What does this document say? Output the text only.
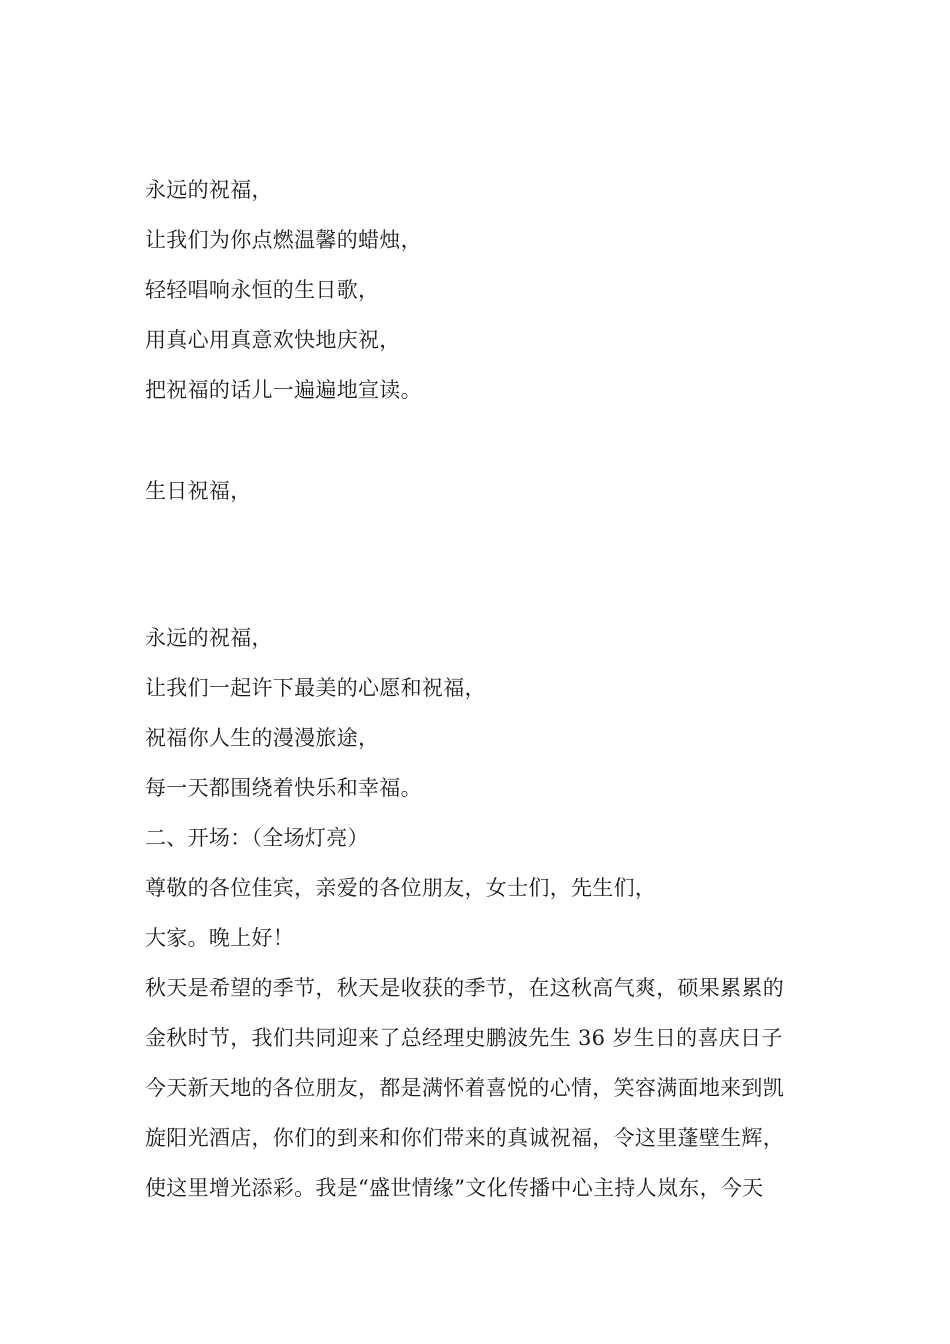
永远的祝福，
让我们为你点燃温馨的蜡烛，
轻轻唱响永恒的生日歌，
用真心用真意欢快地庆祝，
把祝福的话儿一遍遍地宣读。
生日祝福，
永远的祝福，
让我们一起许下最美的心愿和祝福，
祝福你人生的漫漫旅途，
每一天都围绕着快乐和幸福。
二、开场：（全场灯亮）
尊敬的各位佳宾，亲爱的各位朋友，女士们，先生们，
大家。晚上好！
秋天是希望的季节，秋天是收获的季节，在这秋高气爽，硕果累累的
金秋时节，我们共同迎来了总经理史鹏波先生 36 岁生日的喜庆日子
今天新天地的各位朋友，都是满怀着喜悦的心情，笑容满面地来到凯
旋阳光酒店，你们的到来和你们带来的真诚祝福，令这里蓬壁生辉，
使这里增光添彩。我是“盛世情缘”文化传播中心主持人岚东，今天
